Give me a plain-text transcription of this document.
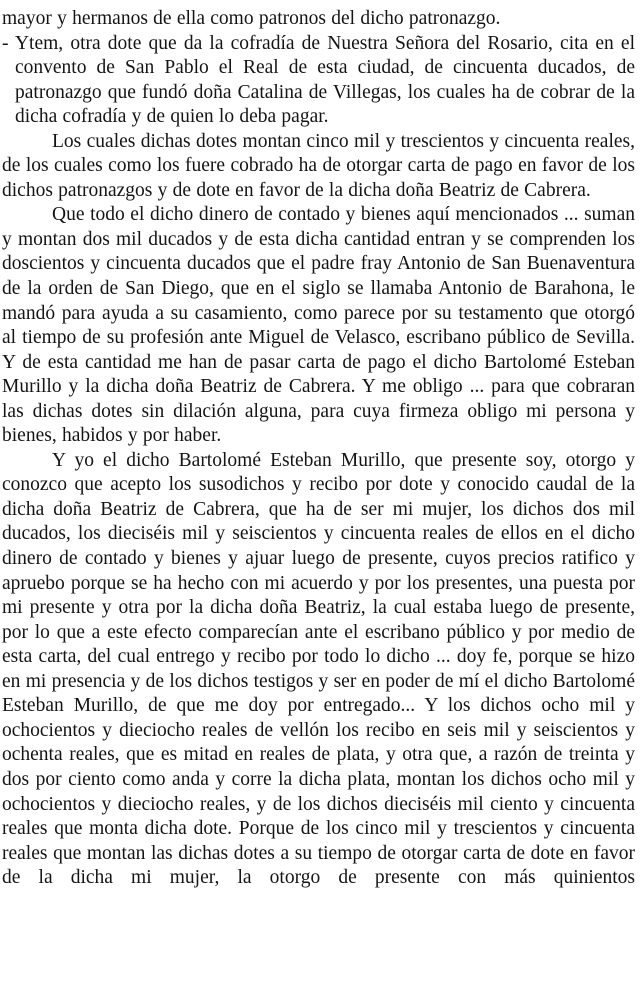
mayor y hermanos de ella como patronos del dicho patronazgo.

- Ytem, otra dote que da la cofradía de Nuestra Señora del Rosario, cita en el convento de San Pablo el Real de esta ciudad, de cincuenta ducados, de patronazgo que fundó doña Catalina de Villegas, los cuales ha de cobrar de la dicha cofradía y de quien lo deba pagar.

Los cuales dichas dotes montan cinco mil y trescientos y cincuenta reales, de los cuales como los fuere cobrado ha de otorgar carta de pago en favor de los dichos patronazgos y de dote en favor de la dicha doña Beatriz de Cabrera.

Que todo el dicho dinero de contado y bienes aquí mencionados ... suman y montan dos mil ducados y de esta dicha cantidad entran y se comprenden los doscientos y cincuenta ducados que el padre fray Antonio de San Buenaventura de la orden de San Diego, que en el siglo se llamaba Antonio de Barahona, le mandó para ayuda a su casamiento, como parece por su testamento que otorgó al tiempo de su profesión ante Miguel de Velasco, escribano público de Sevilla. Y de esta cantidad me han de pasar carta de pago el dicho Bartolomé Esteban Murillo y la dicha doña Beatriz de Cabrera. Y me obligo ... para que cobraran las dichas dotes sin dilación alguna, para cuya firmeza obligo mi persona y bienes, habidos y por haber.

Y yo el dicho Bartolomé Esteban Murillo, que presente soy, otorgo y conozco que acepto los susodichos y recibo por dote y conocido caudal de la dicha doña Beatriz de Cabrera, que ha de ser mi mujer, los dichos dos mil ducados, los dieciséis mil y seiscientos y cincuenta reales de ellos en el dicho dinero de contado y bienes y ajuar luego de presente, cuyos precios ratifico y apruebo porque se ha hecho con mi acuerdo y por los presentes, una puesta por mi presente y otra por la dicha doña Beatriz, la cual estaba luego de presente, por lo que a este efecto comparecían ante el escribano público y por medio de esta carta, del cual entrego y recibo por todo lo dicho ... doy fe, porque se hizo en mi presencia y de los dichos testigos y ser en poder de mí el dicho Bartolomé Esteban Murillo, de que me doy por entregado... Y los dichos ocho mil y ochocientos y dieciocho reales de vellón los recibo en seis mil y seiscientos y ochenta reales, que es mitad en reales de plata, y otra que, a razón de treinta y dos por ciento como anda y corre la dicha plata, montan los dichos ocho mil y ochocientos y dieciocho reales, y de los dichos dieciséis mil ciento y cincuenta reales que monta dicha dote. Porque de los cinco mil y trescientos y cincuenta reales que montan las dichas dotes a su tiempo de otorgar carta de dote en favor de la dicha mi mujer, la otorgo de presente con más quinientos
